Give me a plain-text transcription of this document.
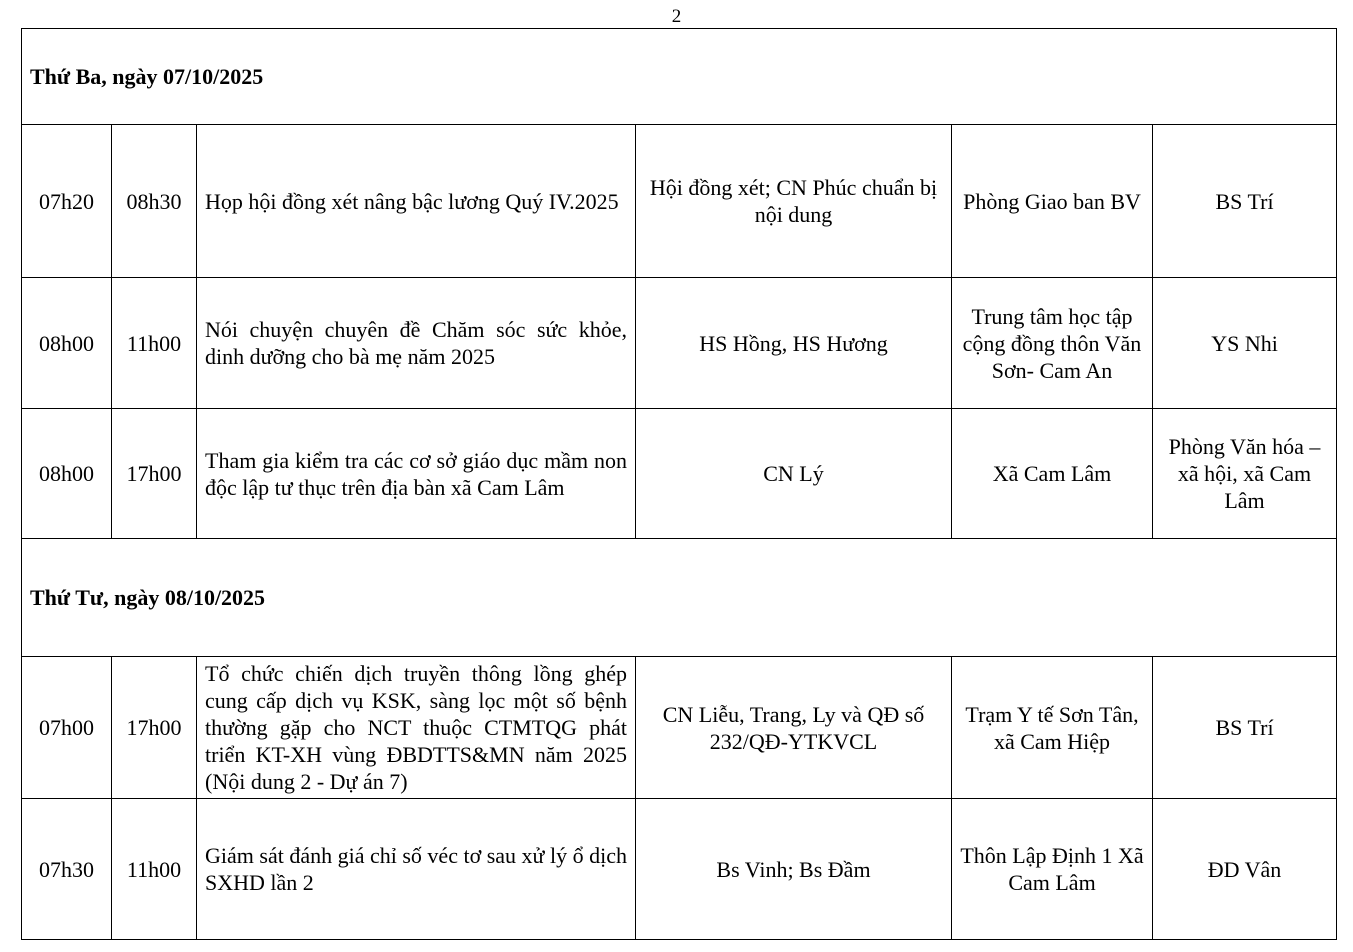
2
Thứ Ba, ngày 07/10/2025					
07h20	08h30	Họp hội đồng xét nâng bậc lương Quý IV.2025	Hội đồng xét; CN Phúc chuẩn bị nội dung	Phòng Giao ban BV	BS Trí
08h00	11h00	Nói chuyện chuyên đề Chăm sóc sức khỏe, dinh dưỡng cho bà mẹ năm 2025	HS Hồng, HS Hương	Trung tâm học tập cộng đồng thôn Văn Sơn- Cam An	YS Nhi
08h00	17h00	Tham gia kiểm tra các cơ sở giáo dục mầm non độc lập tư thục trên địa bàn xã Cam Lâm	CN Lý	Xã Cam Lâm	Phòng Văn hóa – xã hội, xã Cam Lâm
Thứ Tư, ngày 08/10/2025					
07h00	17h00	Tổ chức chiến dịch truyền thông lồng ghép cung cấp dịch vụ KSK, sàng lọc một số bệnh thường gặp cho NCT thuộc CTMTQG phát triển KT-XH vùng ĐBDTTS&MN năm 2025 (Nội dung 2 - Dự án 7)	CN Liễu, Trang, Ly và QĐ số 232/QĐ-YTKVCL	Trạm Y tế Sơn Tân, xã Cam Hiệp	BS Trí
07h30	11h00	Giám sát đánh giá chỉ số véc tơ sau xử lý ổ dịch SXHD lần 2	Bs Vinh; Bs Đầm	Thôn Lập Định 1 Xã Cam Lâm	ĐD Vân
